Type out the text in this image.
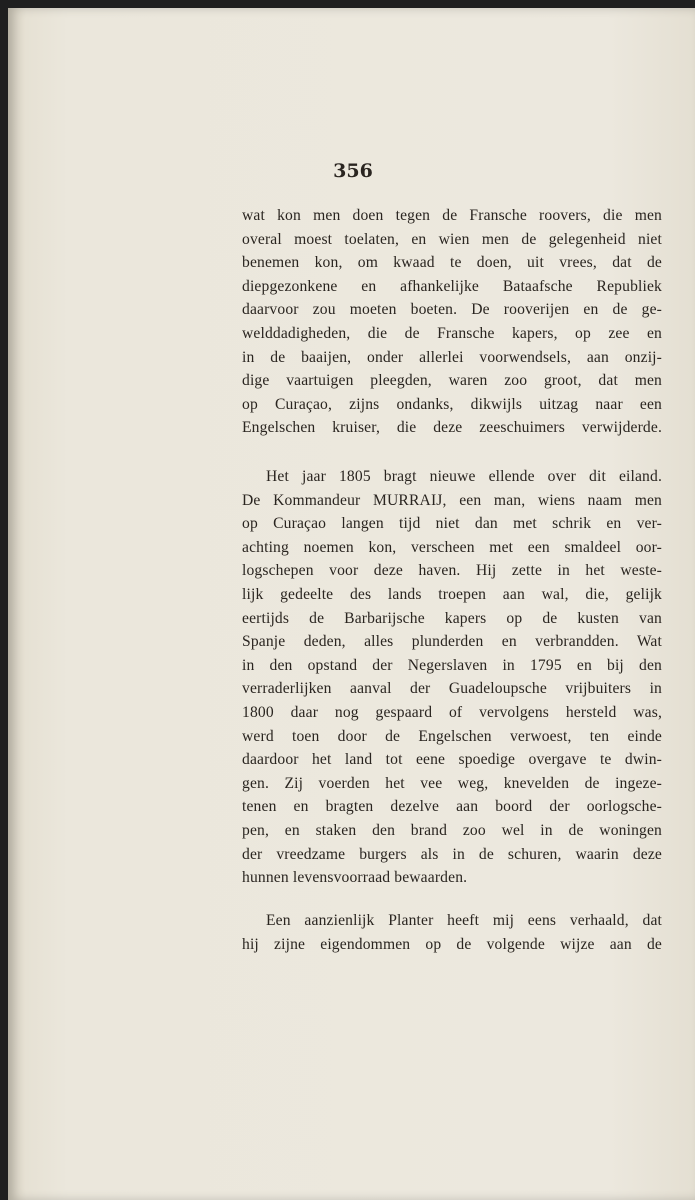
356
wat kon men doen tegen de Fransche roovers, die men
overal moest toelaten, en wien men de gelegenheid niet
benemen kon, om kwaad te doen, uit vrees, dat de
diepgezonkene en afhankelijke Bataafsche Republiek
daarvoor zou moeten boeten. De rooverijen en de ge-
welddadigheden, die de Fransche kapers, op zee en
in de baaijen, onder allerlei voorwendsels, aan onzij-
dige vaartuigen pleegden, waren zoo groot, dat men
op Curaçao, zijns ondanks, dikwijls uitzag naar een
Engelschen kruiser, die deze zeeschuimers verwijderde.
Het jaar 1805 bragt nieuwe ellende over dit eiland.
De Kommandeur MURRAIJ, een man, wiens naam men
op Curaçao langen tijd niet dan met schrik en ver-
achting noemen kon, verscheen met een smaldeel oor-
logschepen voor deze haven. Hij zette in het weste-
lijk gedeelte des lands troepen aan wal, die, gelijk
eertijds de Barbarijsche kapers op de kusten van
Spanje deden, alles plunderden en verbrandden. Wat
in den opstand der Negerslaven in 1795 en bij den
verraderlijken aanval der Guadeloupsche vrijbuiters in
1800 daar nog gespaard of vervolgens hersteld was,
werd toen door de Engelschen verwoest, ten einde
daardoor het land tot eene spoedige overgave te dwin-
gen. Zij voerden het vee weg, knevelden de ingeze-
tenen en bragten dezelve aan boord der oorlogsche-
pen, en staken den brand zoo wel in de woningen
der vreedzame burgers als in de schuren, waarin deze
hunnen levensvoorraad bewaarden.
Een aanzienlijk Planter heeft mij eens verhaald, dat
hij zijne eigendommen op de volgende wijze aan de
